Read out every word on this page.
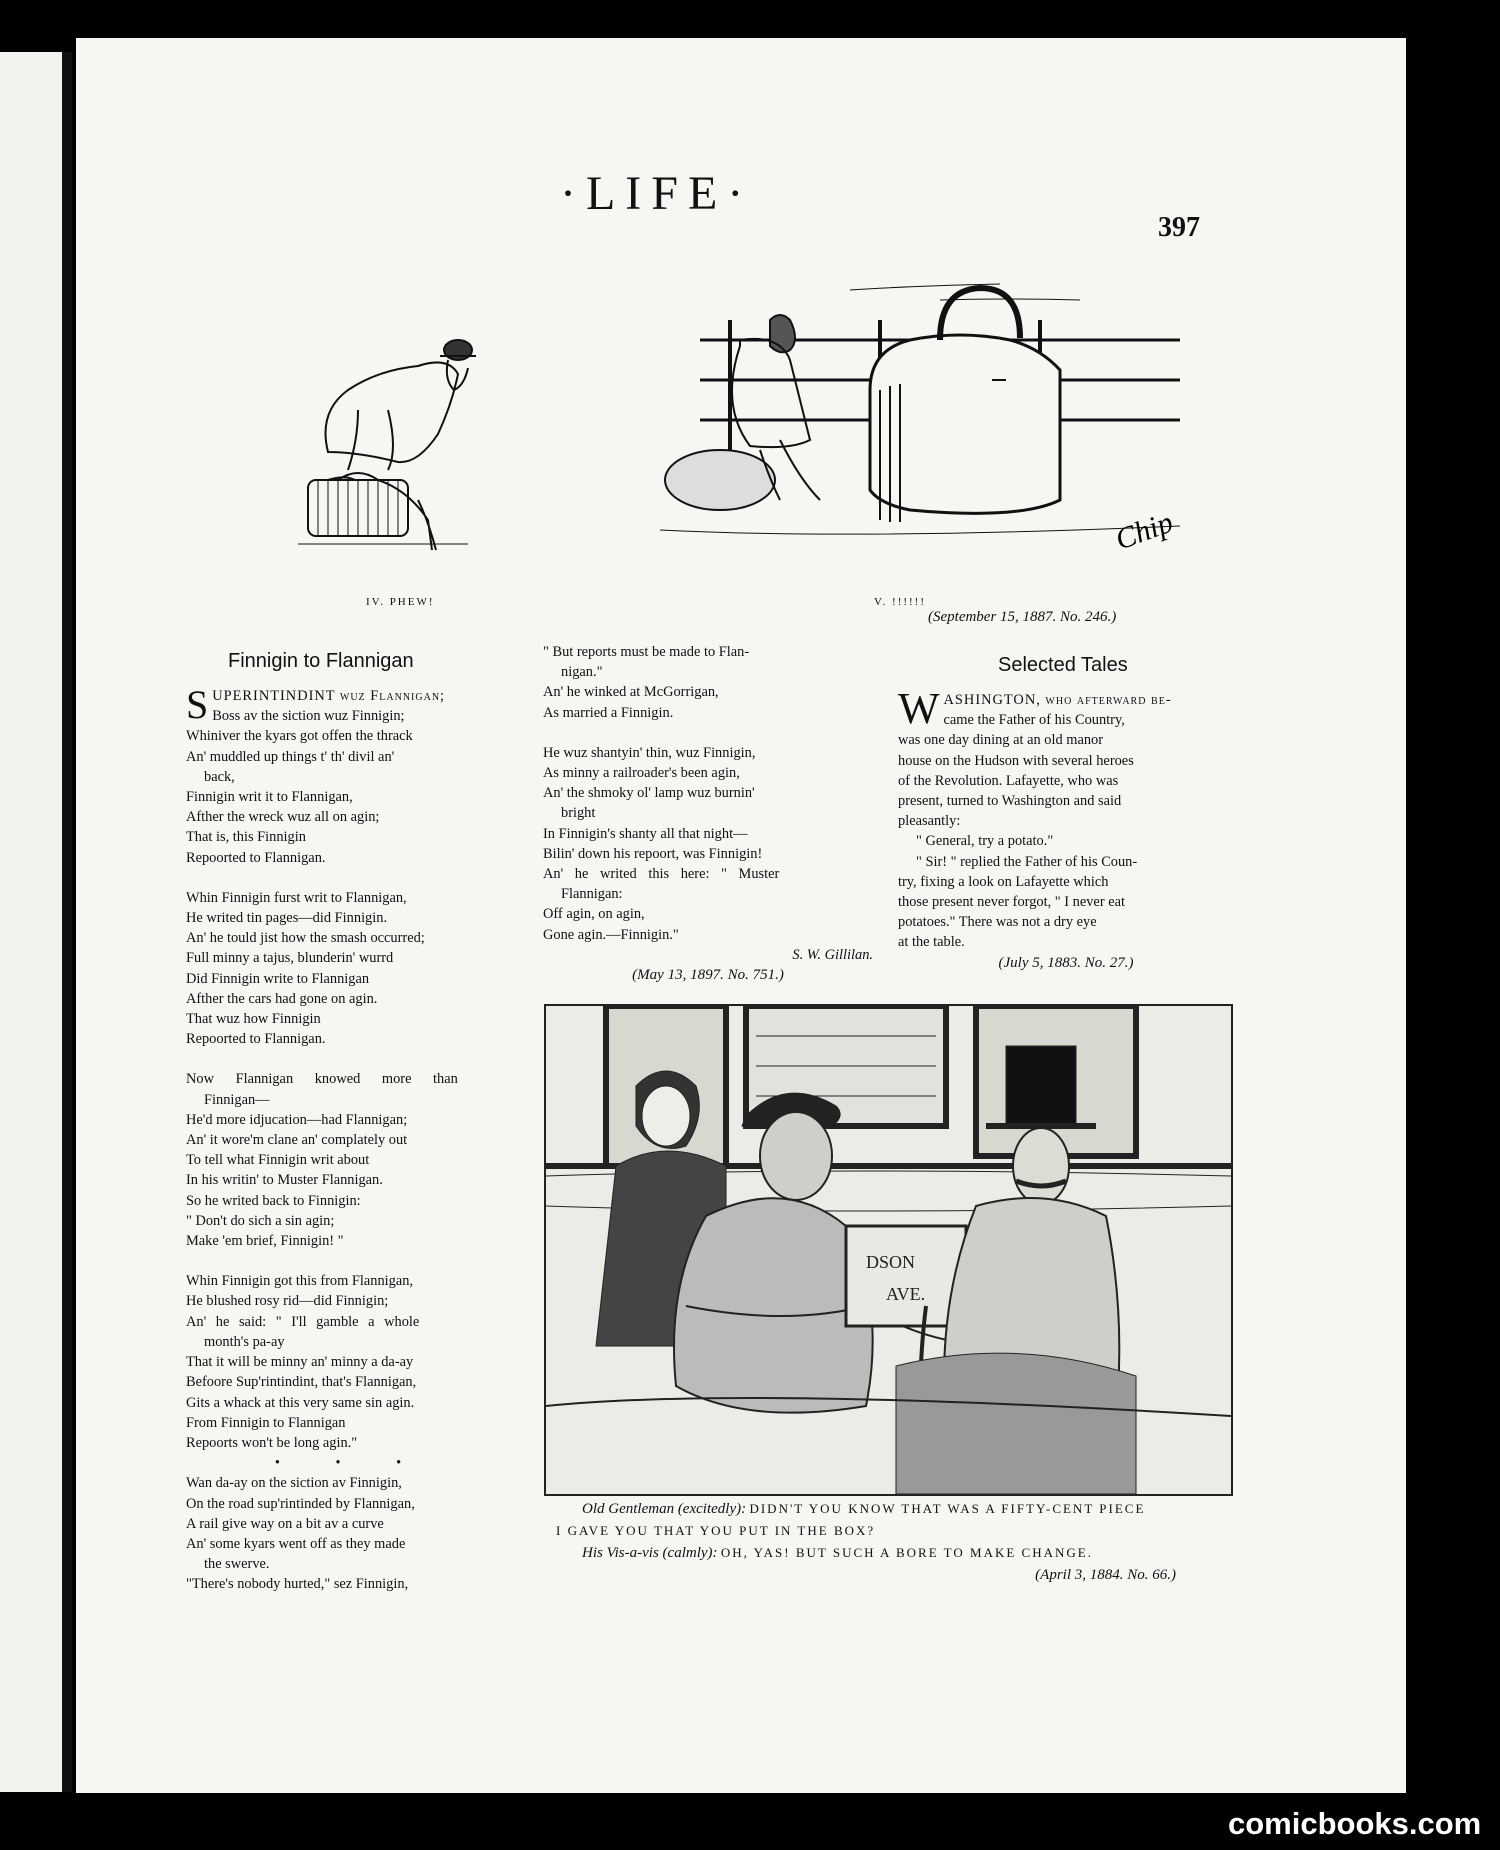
·LIFE·
397
IV. PHEW!
Chip
V. !!!!!!
(September 15, 1887. No. 246.)
Finnigin to Flannigan
S UPERINTINDINT wuz Flannigan;

Boss av the siction wuz Finnigin;

Whiniver the kyars got offen the thrack

An' muddled up things t' th' divil an'

back,

Finnigin writ it to Flannigan,

Afther the wreck wuz all on agin;

That is, this Finnigin

Repoorted to Flannigan.

Whin Finnigin furst writ to Flannigan,

He writed tin pages—did Finnigin.

An' he tould jist how the smash occurred;

Full minny a tajus, blunderin' wurrd

Did Finnigin write to Flannigan

Afther the cars had gone on agin.

That wuz how Finnigin

Repoorted to Flannigan.

Now Flannigan knowed more than

Finnigan—

He'd more idjucation—had Flannigan;

An' it wore'm clane an' complately out

To tell what Finnigin writ about

In his writin' to Muster Flannigan.

So he writed back to Finnigin:

" Don't do sich a sin agin;

Make 'em brief, Finnigin! "

Whin Finnigin got this from Flannigan,

He blushed rosy rid—did Finnigin;

An' he said: " I'll gamble a whole

month's pa-ay

That it will be minny an' minny a da-ay

Befoore Sup'rintindint, that's Flannigan,

Gits a whack at this very same sin agin.

From Finnigin to Flannigan

Repoorts won't be long agin."

• • •

Wan da-ay on the siction av Finnigin,

On the road sup'rintinded by Flannigan,

A rail give way on a bit av a curve

An' some kyars went off as they made

the swerve.

"There's nobody hurted," sez Finnigin,

" But reports must be made to Flan-

nigan."

An' he winked at McGorrigan,

As married a Finnigin.

He wuz shantyin' thin, wuz Finnigin,

As minny a railroader's been agin,

An' the shmoky ol' lamp wuz burnin'

bright

In Finnigin's shanty all that night—

Bilin' down his repoort, was Finnigin!

An' he writed this here: " Muster

Flannigan:

Off agin, on agin,

Gone agin.—Finnigin."

S. W. Gillilan.

(May 13, 1897. No. 751.)

Selected Tales
W ASHINGTON, who afterward be-

came the Father of his Country,

was one day dining at an old manor

house on the Hudson with several heroes

of the Revolution. Lafayette, who was

present, turned to Washington and said

pleasantly:

" General, try a potato."

" Sir! " replied the Father of his Coun-

try, fixing a look on Lafayette which

those present never forgot, " I never eat

potatoes." There was not a dry eye

at the table.

(July 5, 1883. No. 27.)

DSON
AVE.
Old Gentleman (excitedly): DIDN'T YOU KNOW THAT WAS A FIFTY-CENT PIECE
I GAVE YOU THAT YOU PUT IN THE BOX?
His Vis-a-vis (calmly): OH, YAS! BUT SUCH A BORE TO MAKE CHANGE.
(April 3, 1884. No. 66.)
comicbooks.com
